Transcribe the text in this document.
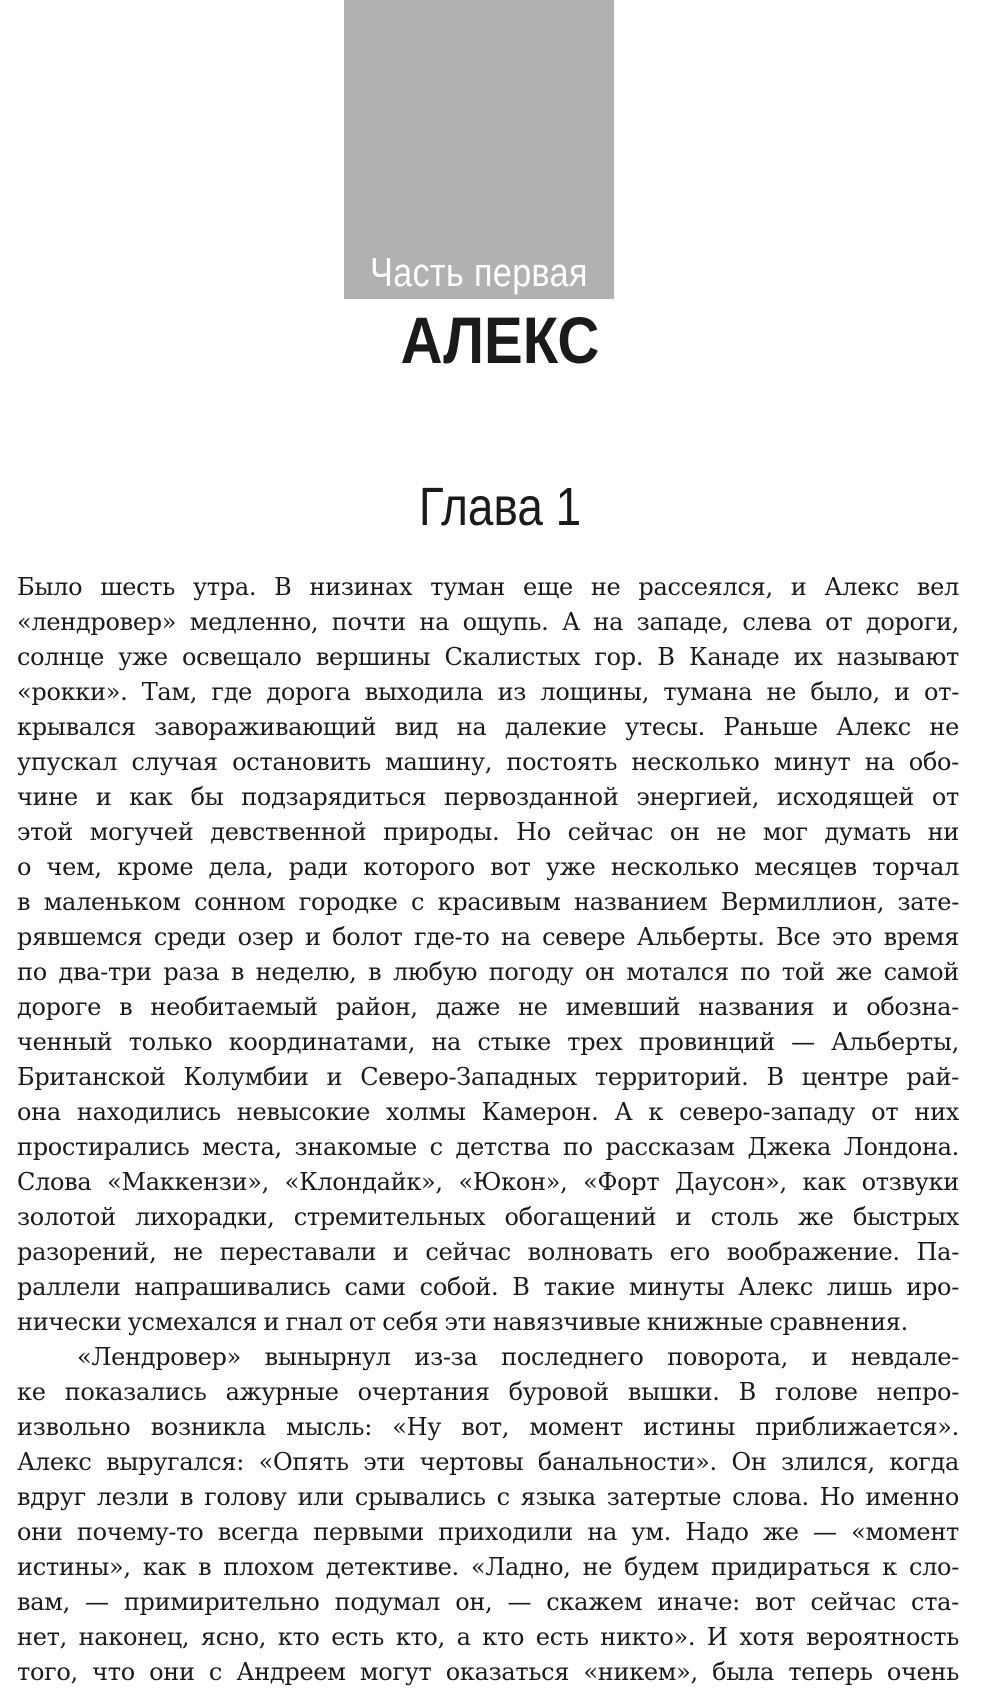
Часть первая
АЛЕКС
Глава 1
Было шесть утра. В низинах туман еще не рассеялся, и Алекс вел
«лендровер» медленно, почти на ощупь. А на западе, слева от дороги,
солнце уже освещало вершины Скалистых гор. В Канаде их называют
«рокки». Там, где дорога выходила из лощины, тумана не было, и от-
крывался завораживающий вид на далекие утесы. Раньше Алекс не
упускал случая остановить машину, постоять несколько минут на обо-
чине и как бы подзарядиться первозданной энергией, исходящей от
этой могучей девственной природы. Но сейчас он не мог думать ни
о чем, кроме дела, ради которого вот уже несколько месяцев торчал
в маленьком сонном городке с красивым названием Вермиллион, зате-
рявшемся среди озер и болот где-то на севере Альберты. Все это время
по два-три раза в неделю, в любую погоду он мотался по той же самой
дороге в необитаемый район, даже не имевший названия и обозна-
ченный только координатами, на стыке трех провинций — Альберты,
Британской Колумбии и Северо-Западных территорий. В центре рай-
она находились невысокие холмы Камерон. А к северо-западу от них
простирались места, знакомые с детства по рассказам Джека Лондона.
Слова «Маккензи», «Клондайк», «Юкон», «Форт Даусон», как отзвуки
золотой лихорадки, стремительных обогащений и столь же быстрых
разорений, не переставали и сейчас волновать его воображение. Па-
раллели напрашивались сами собой. В такие минуты Алекс лишь иро-
нически усмехался и гнал от себя эти навязчивые книжные сравнения.
«Лендровер» вынырнул из-за последнего поворота, и невдале-
ке показались ажурные очертания буровой вышки. В голове непро-
извольно возникла мысль: «Ну вот, момент истины приближается».
Алекс выругался: «Опять эти чертовы банальности». Он злился, когда
вдруг лезли в голову или срывались с языка затертые слова. Но именно
они почему-то всегда первыми приходили на ум. Надо же — «момент
истины», как в плохом детективе. «Ладно, не будем придираться к сло-
вам, — примирительно подумал он, — скажем иначе: вот сейчас ста-
нет, наконец, ясно, кто есть кто, а кто есть никто». И хотя вероятность
того, что они с Андреем могут оказаться «никем», была теперь очень
